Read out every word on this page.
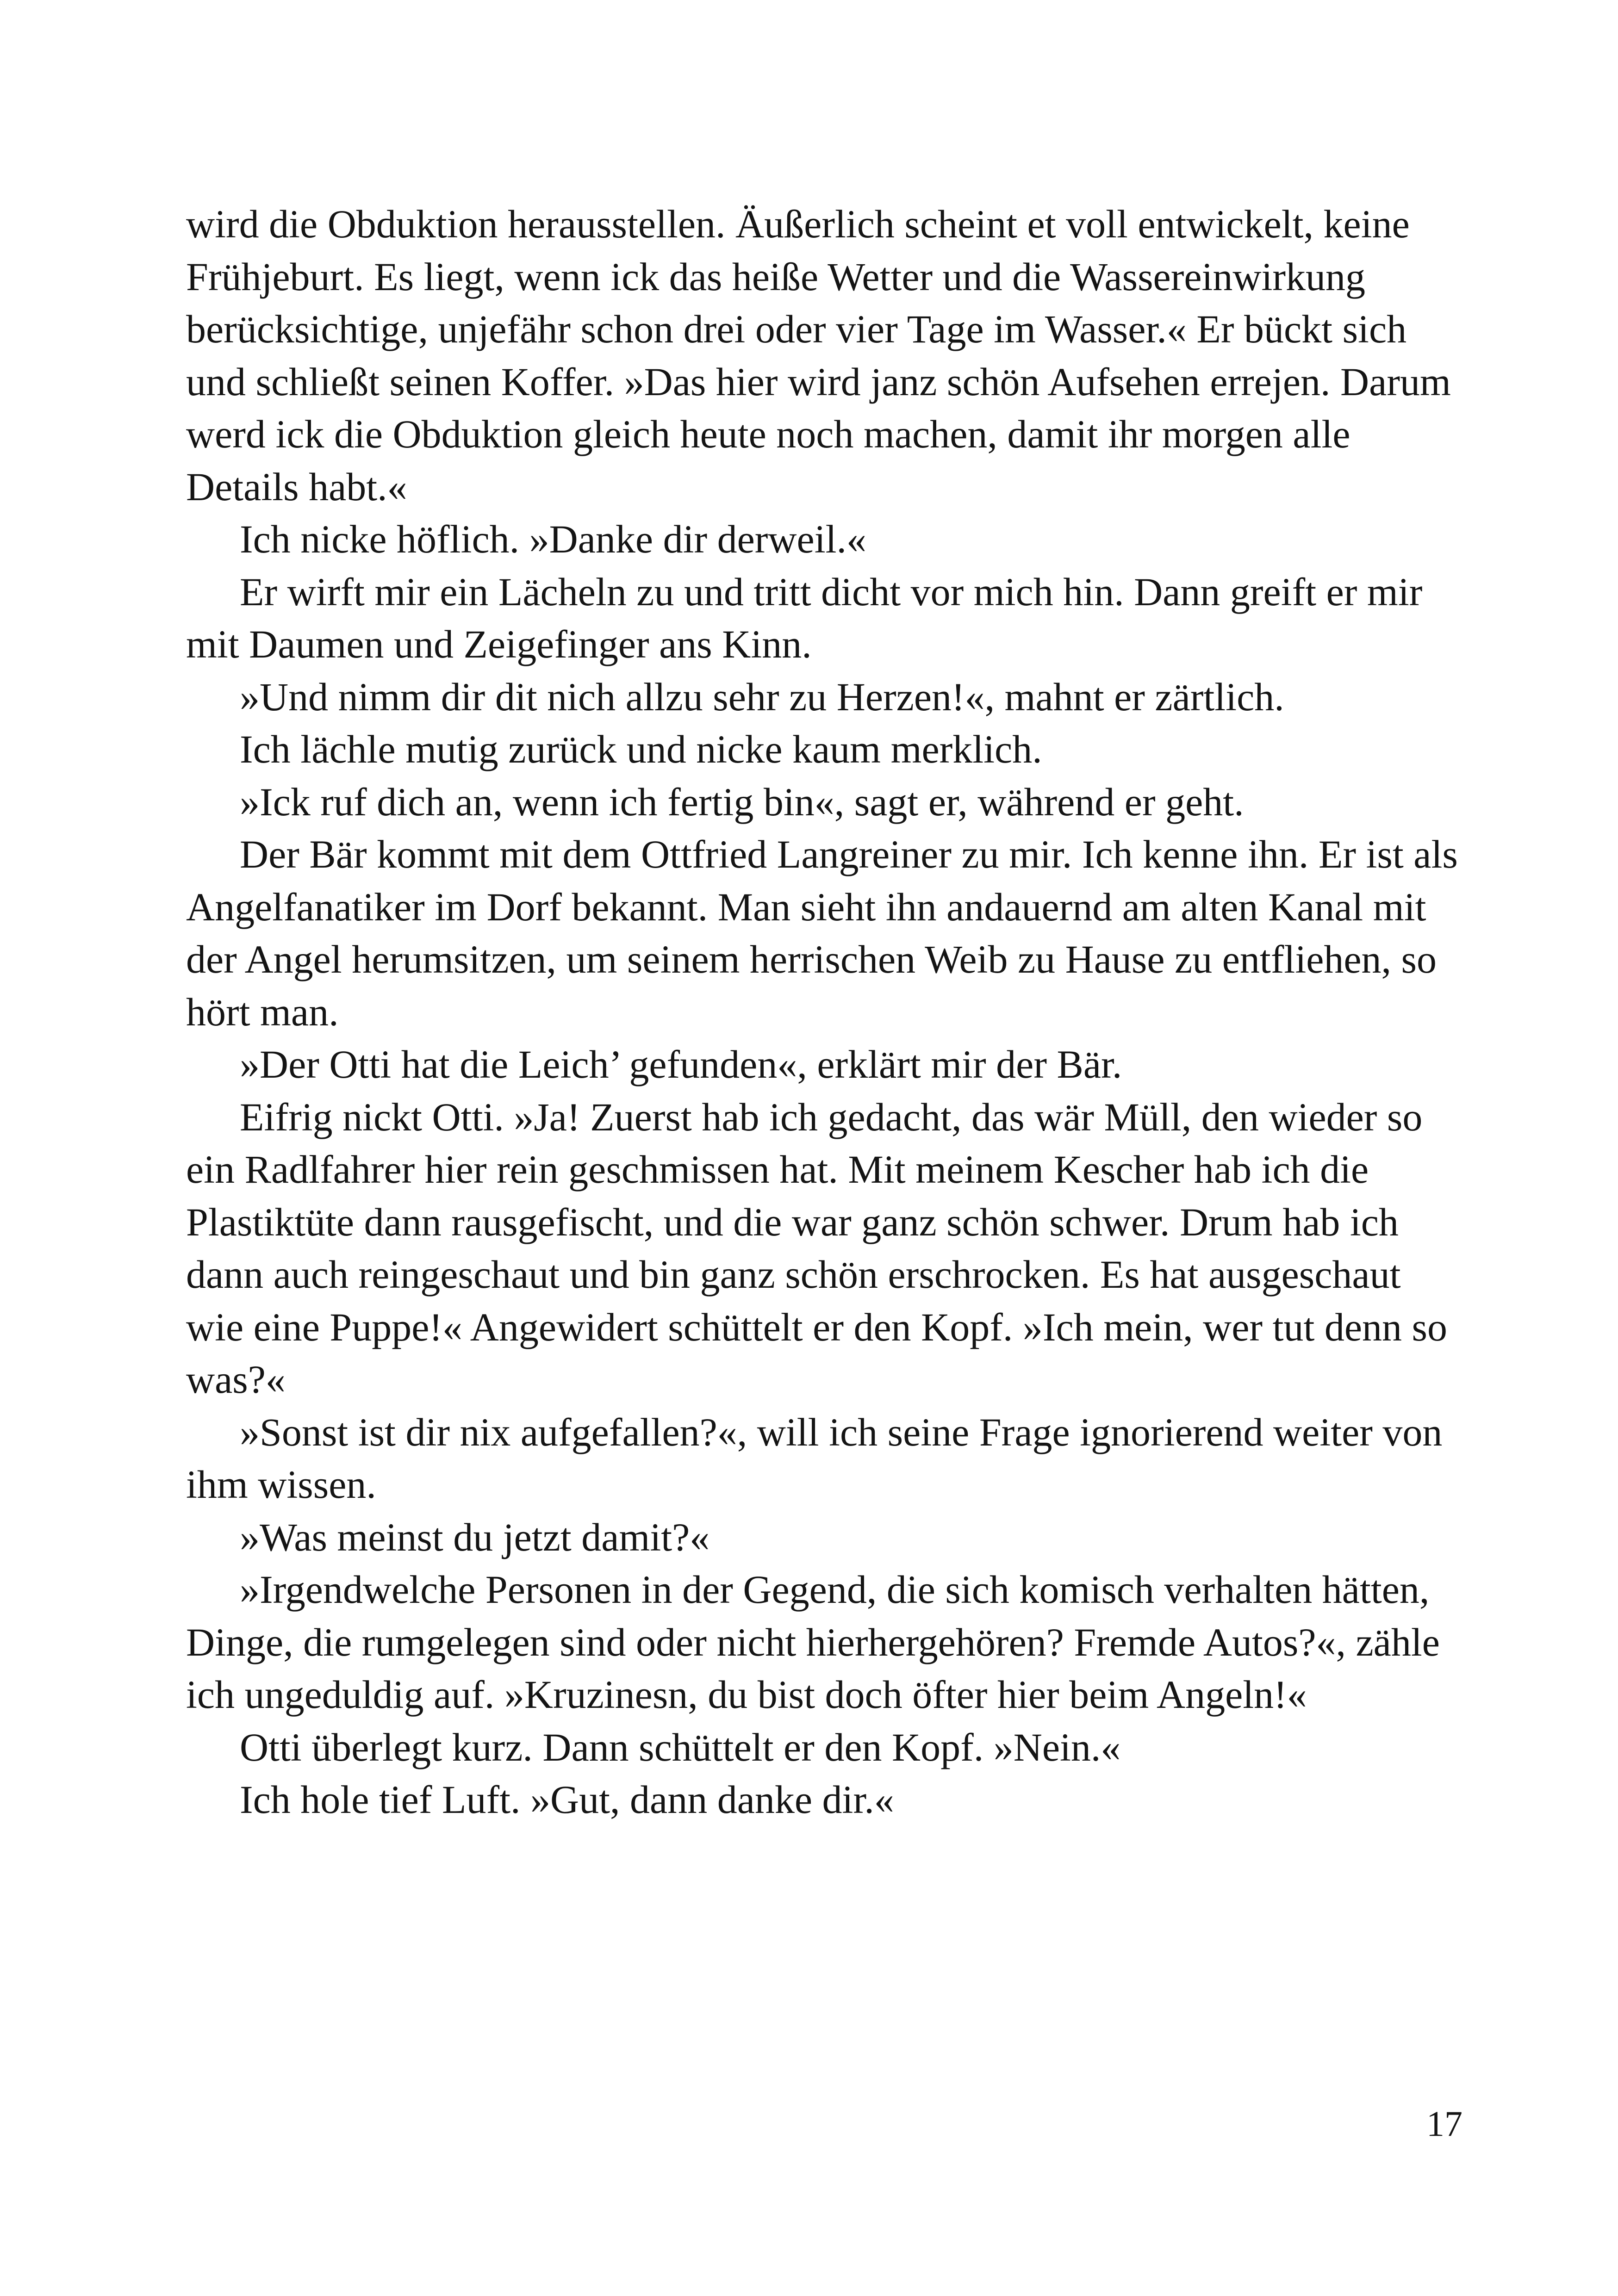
wird die Obduktion herausstellen. Äußerlich scheint et voll entwickelt, keine Frühjeburt. Es liegt, wenn ick das heiße Wetter und die Wassereinwirkung berücksichtige, unjefähr schon drei oder vier Tage im Wasser.« Er bückt sich und schließt seinen Koffer. »Das hier wird janz schön Aufsehen errejen. Darum werd ick die Obduktion gleich heute noch machen, damit ihr morgen alle Details habt.«

Ich nicke höflich. »Danke dir derweil.«

Er wirft mir ein Lächeln zu und tritt dicht vor mich hin. Dann greift er mir mit Daumen und Zeigefinger ans Kinn.

»Und nimm dir dit nich allzu sehr zu Herzen!«, mahnt er zärtlich.

Ich lächle mutig zurück und nicke kaum merklich.

»Ick ruf dich an, wenn ich fertig bin«, sagt er, während er geht.

Der Bär kommt mit dem Ottfried Langreiner zu mir. Ich kenne ihn. Er ist als Angelfanatiker im Dorf bekannt. Man sieht ihn andauernd am alten Kanal mit der Angel herumsitzen, um seinem herrischen Weib zu Hause zu entfliehen, so hört man.

»Der Otti hat die Leich’ gefunden«, erklärt mir der Bär.

Eifrig nickt Otti. »Ja! Zuerst hab ich gedacht, das wär Müll, den wieder so ein Radlfahrer hier rein geschmissen hat. Mit meinem Kescher hab ich die Plastiktüte dann rausgefischt, und die war ganz schön schwer. Drum hab ich dann auch reingeschaut und bin ganz schön erschrocken. Es hat ausgeschaut wie eine Puppe!« Angewidert schüttelt er den Kopf. »Ich mein, wer tut denn so was?«

»Sonst ist dir nix aufgefallen?«, will ich seine Frage ignorierend weiter von ihm wissen.

»Was meinst du jetzt damit?«

»Irgendwelche Personen in der Gegend, die sich komisch verhalten hätten, Dinge, die rumgelegen sind oder nicht hierhergehören? Fremde Autos?«, zähle ich ungeduldig auf. »Kruzinesn, du bist doch öfter hier beim Angeln!«

Otti überlegt kurz. Dann schüttelt er den Kopf. »Nein.«

Ich hole tief Luft. »Gut, dann danke dir.«

17
